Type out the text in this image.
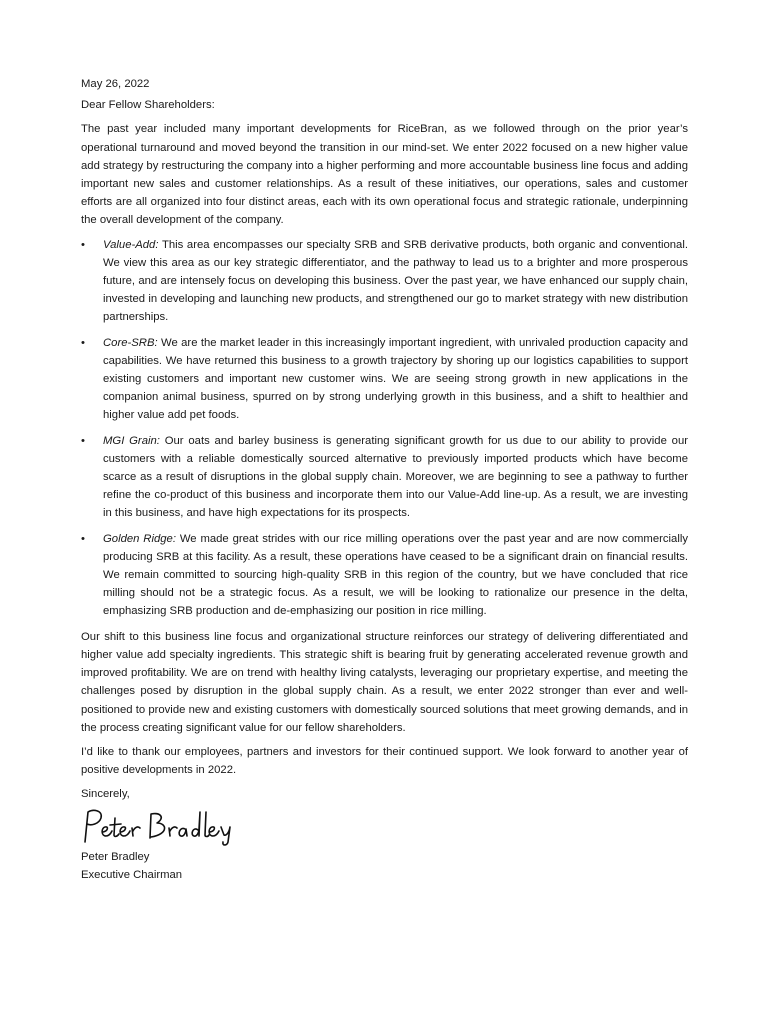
May 26, 2022

Dear Fellow Shareholders:

The past year included many important developments for RiceBran, as we followed through on the prior year’s operational turnaround and moved beyond the transition in our mind-set. We enter 2022 focused on a new higher value add strategy by restructuring the company into a higher performing and more accountable business line focus and adding important new sales and customer relationships. As a result of these initiatives, our operations, sales and customer efforts are all organized into four distinct areas, each with its own operational focus and strategic rationale, underpinning the overall development of the company.

• Value-Add: This area encompasses our specialty SRB and SRB derivative products, both organic and conventional. We view this area as our key strategic differentiator, and the pathway to lead us to a brighter and more prosperous future, and are intensely focus on developing this business. Over the past year, we have enhanced our supply chain, invested in developing and launching new products, and strengthened our go to market strategy with new distribution partnerships.
• Core-SRB: We are the market leader in this increasingly important ingredient, with unrivaled production capacity and capabilities. We have returned this business to a growth trajectory by shoring up our logistics capabilities to support existing customers and important new customer wins. We are seeing strong growth in new applications in the companion animal business, spurred on by strong underlying growth in this business, and a shift to healthier and higher value add pet foods.
• MGI Grain: Our oats and barley business is generating significant growth for us due to our ability to provide our customers with a reliable domestically sourced alternative to previously imported products which have become scarce as a result of disruptions in the global supply chain. Moreover, we are beginning to see a pathway to further refine the co-product of this business and incorporate them into our Value-Add line-up. As a result, we are investing in this business, and have high expectations for its prospects.
• Golden Ridge: We made great strides with our rice milling operations over the past year and are now commercially producing SRB at this facility. As a result, these operations have ceased to be a significant drain on financial results. We remain committed to sourcing high-quality SRB in this region of the country, but we have concluded that rice milling should not be a strategic focus. As a result, we will be looking to rationalize our presence in the delta, emphasizing SRB production and de-emphasizing our position in rice milling.

Our shift to this business line focus and organizational structure reinforces our strategy of delivering differentiated and higher value add specialty ingredients. This strategic shift is bearing fruit by generating accelerated revenue growth and improved profitability. We are on trend with healthy living catalysts, leveraging our proprietary expertise, and meeting the challenges posed by disruption in the global supply chain. As a result, we enter 2022 stronger than ever and well-positioned to provide new and existing customers with domestically sourced solutions that meet growing demands, and in the process creating significant value for our fellow shareholders.

I’d like to thank our employees, partners and investors for their continued support. We look forward to another year of positive developments in 2022.

Sincerely,

Peter Bradley

Executive Chairman
